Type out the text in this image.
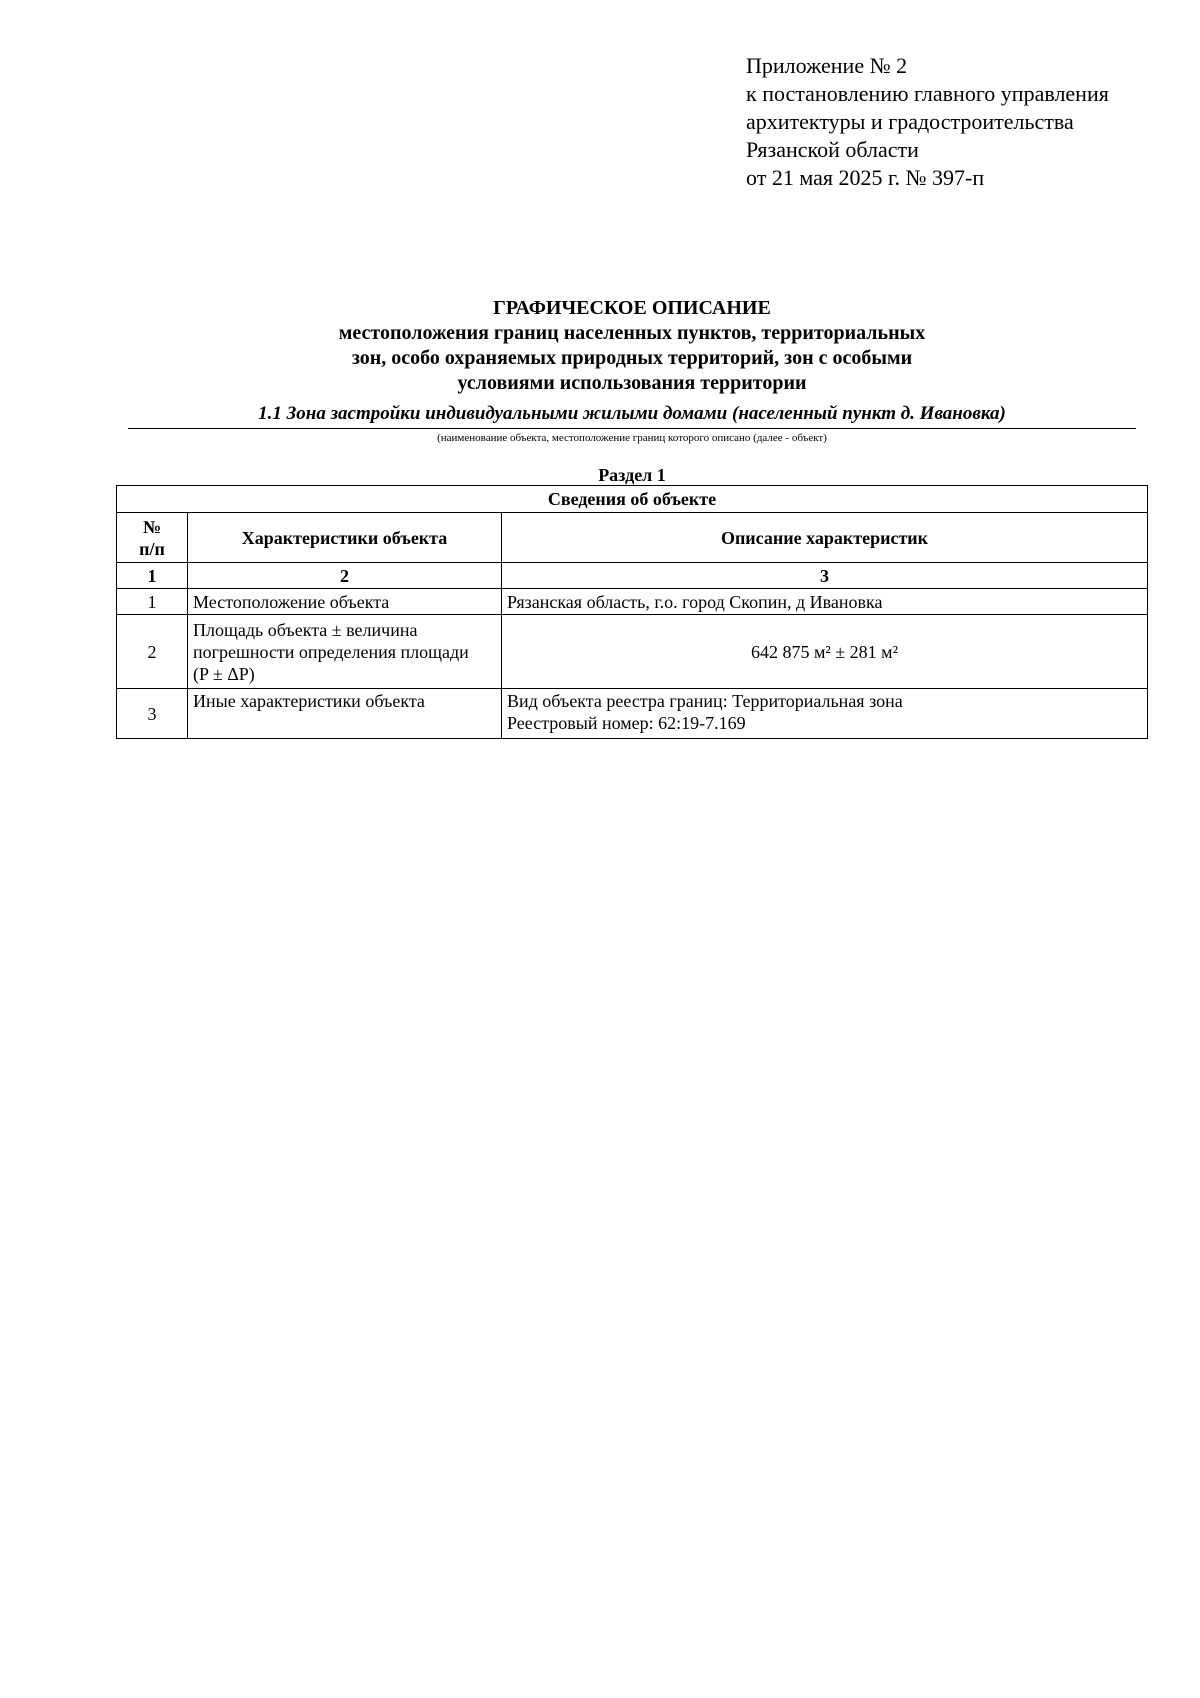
Приложение № 2
к постановлению главного управления
архитектуры и градостроительства
Рязанской области
от 21 мая 2025 г. № 397-п
ГРАФИЧЕСКОЕ ОПИСАНИЕ
местоположения границ населенных пунктов, территориальных
зон, особо охраняемых природных территорий, зон с особыми
условиями использования территории
1.1 Зона застройки индивидуальными жилыми домами (населенный пункт д. Ивановка)
(наименование объекта, местоположение границ которого описано (далее - объект)
Раздел 1
Сведения об объекте		

№
п/п	Характеристики объекта	Описание характеристик
1	2	3
1	Местоположение объекта	Рязанская область, г.о. город Скопин, д Ивановка
2	Площадь объекта ± величина
погрешности определения площади
(P ± ΔP)	642 875 м² ± 281 м²
3	Иные характеристики объекта	Вид объекта реестра границ: Территориальная зона
Реестровый номер: 62:19-7.169
